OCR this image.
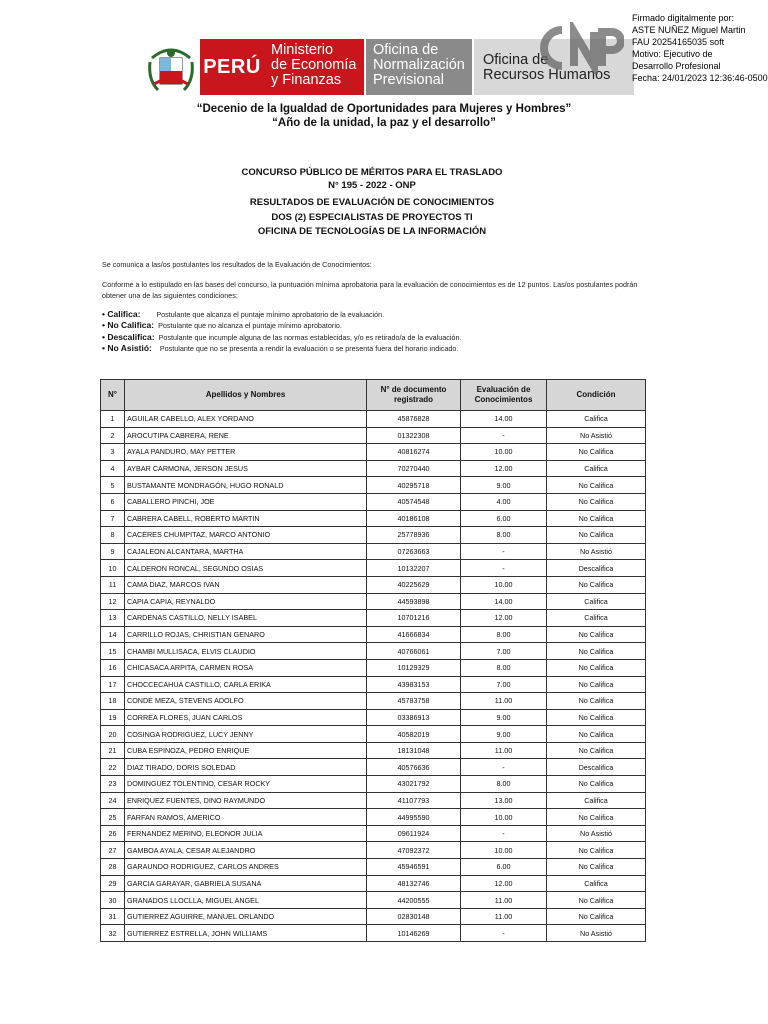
PERÚ
Ministerio
de Economía
y Finanzas
Oficina de
Normalización
Previsional
Oficina de
Recursos Humanos
Firmado digitalmente por:
ASTE NUÑEZ Miguel Martin
FAU 20254165035 soft
Motivo: Ejecutivo de
Desarrollo Profesional
Fecha: 24/01/2023 12:36:46-0500
“Decenio de la Igualdad de Oportunidades para Mujeres y Hombres”
“Año de la unidad, la paz y el desarrollo”
CONCURSO PÚBLICO DE MÉRITOS PARA EL TRASLADO
N° 195 - 2022 - ONP
RESULTADOS DE EVALUACIÓN DE CONOCIMIENTOS
DOS (2) ESPECIALISTAS DE PROYECTOS TI
OFICINA DE TECNOLOGÍAS DE LA INFORMACIÓN
Se comunica a las/os postulantes los resultados de la Evaluación de Conocimientos:
Conforme a lo estipulado en las bases del concurso, la puntuación mínima aprobatoria para la evaluación de conocimientos es de 12 puntos. Las/os postulantes podrán obtener una de las siguientes condiciones:
• Califica: Postulante que alcanza el puntaje mínimo aprobatorio de la evaluación.
• No Califica: Postulante que no alcanza el puntaje mínimo aprobatorio.
• Descalifica: Postulante que incumple alguna de las normas establecidas, y/o es retirado/a de la evaluación.
• No Asistió: Postulante que no se presenta a rendir la evaluación o se presenta fuera del horario indicado.
N°	Apellidos y Nombres	N° de documento registrado	Evaluación de Conocimientos	Condición
1	AGUILAR CABELLO, ALEX YORDANO	45876828	14.00	Califica
2	AROCUTIPA CABRERA, RENE	01322308	-	No Asistió
3	AYALA PANDURO, MAY PETTER	40816274	10.00	No Califica
4	AYBAR CARMONA, JERSON JESUS	70270440	12.00	Califica
5	BUSTAMANTE MONDRAGÓN, HUGO RONALD	40295718	9.00	No Califica
6	CABALLERO PINCHI, JOE	40574548	4.00	No Califica
7	CABRERA CABELL, ROBERTO MARTIN	40186108	6.00	No Califica
8	CACERES CHUMPITAZ, MARCO ANTONIO	25778936	8.00	No Califica
9	CAJALEON ALCANTARA, MARTHA	07263663	-	No Asistió
10	CALDERON RONCAL, SEGUNDO OSIAS	10132207	-	Descalifica
11	CAMA DIAZ, MARCOS IVAN	40225629	10.00	No Califica
12	CAPIA CAPIA, REYNALDO	44593898	14.00	Califica
13	CARDENAS CASTILLO, NELLY ISABEL	10701216	12.00	Califica
14	CARRILLO ROJAS, CHRISTIAN GENARO	41666834	8.00	No Califica
15	CHAMBI MULLISACA, ELVIS CLAUDIO	40766061	7.00	No Califica
16	CHICASACA ARPITA, CARMEN ROSA	10129329	8.00	No Califica
17	CHOCCECAHUA CASTILLO, CARLA ERIKA	43983153	7.00	No Califica
18	CONDE MEZA, STEVENS ADOLFO	45783758	11.00	No Califica
19	CORREA FLORES, JUAN CARLOS	03386913	9.00	No Califica
20	COSINGA RODRIGUEZ, LUCY JENNY	40582019	9.00	No Califica
21	CUBA ESPINOZA, PEDRO ENRIQUE	18131048	11.00	No Califica
22	DIAZ TIRADO, DORIS SOLEDAD	40576636	-	Descalifica
23	DOMINGUEZ TOLENTINO, CESAR ROCKY	43021792	8.00	No Califica
24	ENRIQUEZ FUENTES, DINO RAYMUNDO	41107793	13.00	Califica
25	FARFAN RAMOS, AMERICO	44995590	10.00	No Califica
26	FERNANDEZ MERINO, ELEONOR JULIA	09611924	-	No Asistió
27	GAMBOA AYALA, CESAR ALEJANDRO	47092372	10.00	No Califica
28	GARAUNDO RODRIGUEZ, CARLOS ANDRES	45946591	6.00	No Califica
29	GARCIA GARAYAR, GABRIELA SUSANA	48132746	12.00	Califica
30	GRANADOS LLOCLLA, MIGUEL ANGEL	44200555	11.00	No Califica
31	GUTIERREZ AGUIRRE, MANUEL ORLANDO	02830148	11.00	No Califica
32	GUTIERREZ ESTRELLA, JOHN WILLIAMS	10146269	-	No Asistió
